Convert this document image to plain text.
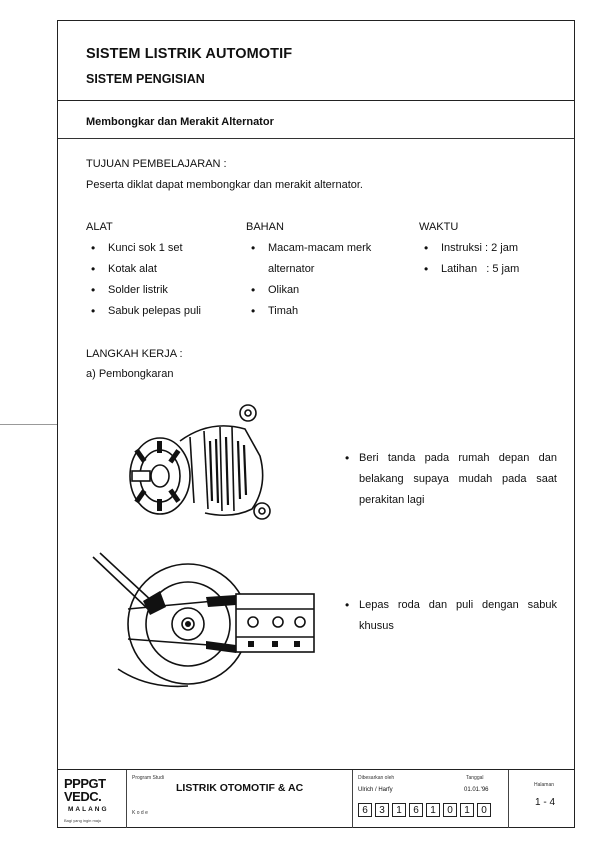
SISTEM LISTRIK AUTOMOTIF
SISTEM PENGISIAN
Membongkar dan Merakit Alternator
TUJUAN PEMBELAJARAN :
Peserta diklat dapat membongkar dan merakit alternator.
ALAT
• Kunci sok 1 set
• Kotak alat
• Solder listrik
• Sabuk pelepas puli
BAHAN
• Macam-macam merk
alternator
• Olikan
• Timah
WAKTU
• Instruksi : 2 jam
• Latihan   : 5 jam
LANGKAH KERJA :
a) Pembongkaran
• Beri tanda pada rumah depan dan belakang supaya mudah pada saat perakitan lagi
• Lepas roda dan puli dengan sabuk khusus
PPPGT
VEDC.
MALANG
Bagi yang ingin maju
Program Studi
LISTRIK OTOMOTIF & AC
K o d e
Dibesarkan oleh
Ulrich / Harfy
Tanggal
01.01.'96
6	3	1	6	1	0	1	0
Halaman
1 - 4
